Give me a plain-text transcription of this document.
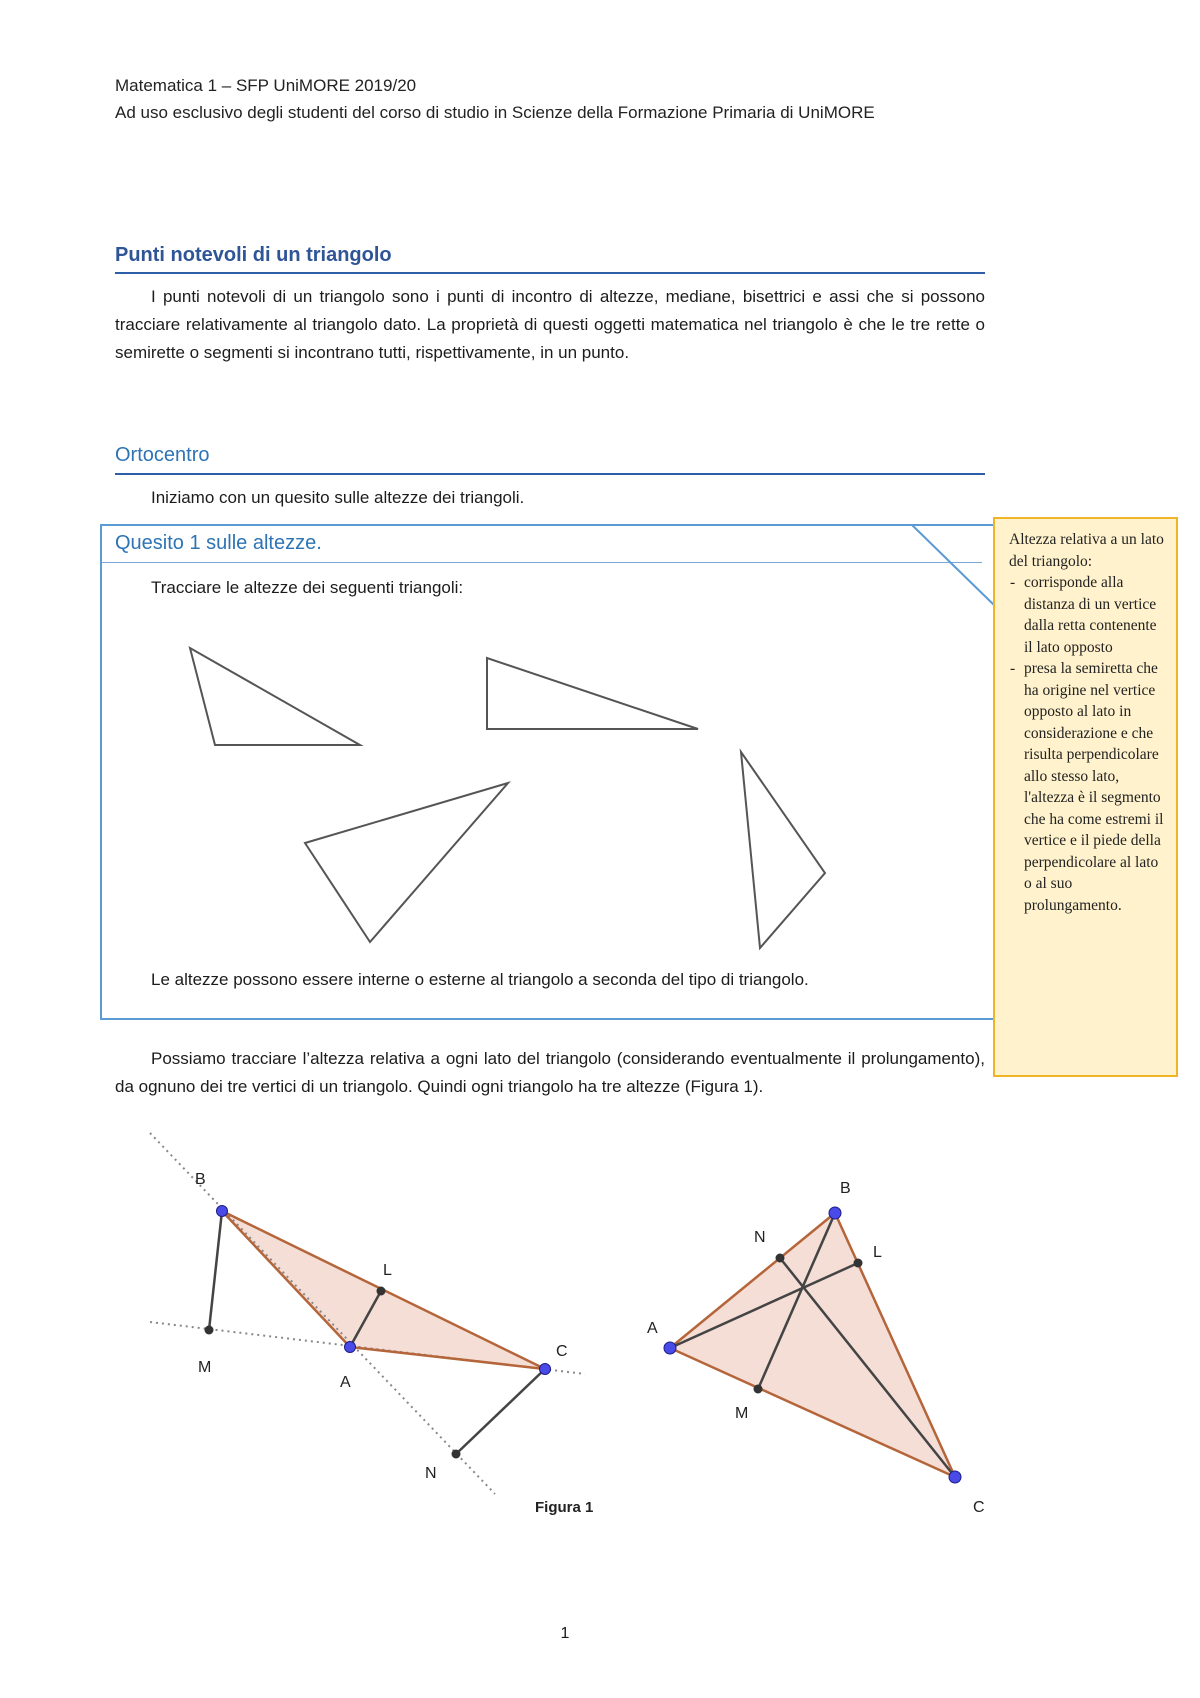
Matematica 1 – SFP UniMORE 2019/20
Ad uso esclusivo degli studenti del corso di studio in Scienze della Formazione Primaria di UniMORE
Punti notevoli di un triangolo
I punti notevoli di un triangolo sono i punti di incontro di altezze, mediane, bisettrici e assi che si possono tracciare relativamente al triangolo dato. La proprietà di questi oggetti matematica nel triangolo è che le tre rette o semirette o segmenti si incontrano tutti, rispettivamente, in un punto.
Ortocentro
Iniziamo con un quesito sulle altezze dei triangoli.
Quesito 1 sulle altezze.
Tracciare le altezze dei seguenti triangoli:
Le altezze possono essere interne o esterne al triangolo a seconda del tipo di triangolo.
Altezza relativa a un lato del triangolo:
- corrisponde alla distanza di un vertice dalla retta contenente il lato opposto
- presa la semiretta che ha origine nel vertice opposto al lato in considerazione e che risulta perpendicolare allo stesso lato, l'altezza è il segmento che ha come estremi il vertice e il piede della perpendicolare al lato o al suo prolungamento.
Possiamo tracciare l’altezza relativa a ogni lato del triangolo (considerando eventualmente il prolungamento), da ognuno dei tre vertici di un triangolo. Quindi ogni triangolo ha tre altezze (Figura 1).
B
L
M
A
C
N
B
N
L
A
M
C
Figura 1
1
